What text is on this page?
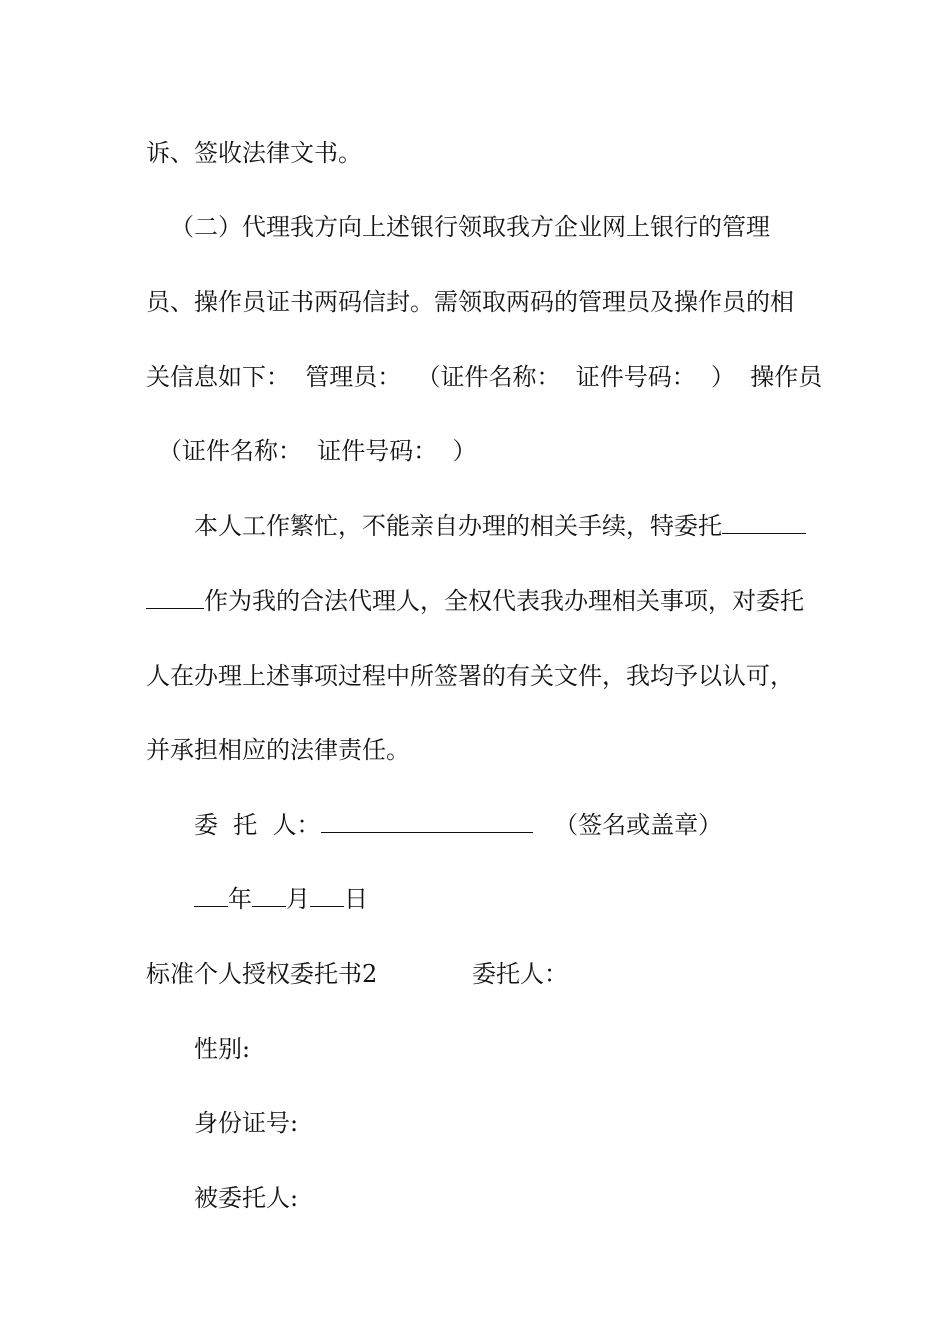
诉、签收法律文书。
（二）代理我方向上述银行领取我方企业网上银行的管理
员、操作员证书两码信封。需领取两码的管理员及操作员的相
关信息如下：  管理员：  （证件名称：  证件号码：  ）  操作员
（证件名称：  证件号码：  ）
本人工作繁忙，不能亲自办理的相关手续，特委托
作为我的合法代理人，全权代表我办理相关事项，对委托
人在办理上述事项过程中所签署的有关文件，我均予以认可，
并承担相应的法律责任。
委  托  人：	（签名或盖章）
年 月 日
标准个人授权委托书2	委托人：
性别:
身份证号:
被委托人:
